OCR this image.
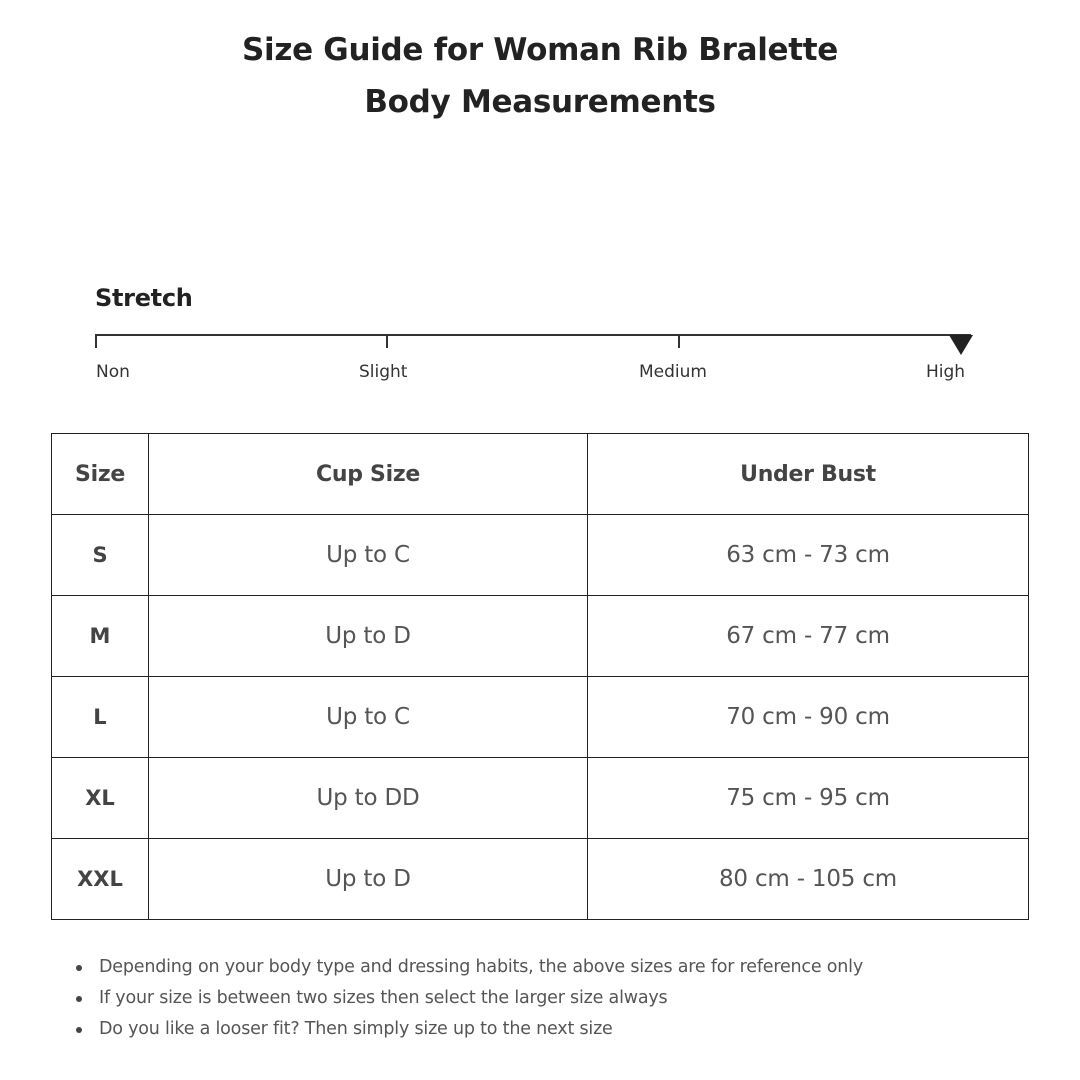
Size Guide for Woman Rib Bralette
Body Measurements
Stretch
Non	Slight	Medium	High
Size	Cup Size	Under Bust
S	Up to C	63 cm - 73 cm
M	Up to D	67 cm - 77 cm
L	Up to C	70 cm - 90 cm
XL	Up to DD	75 cm - 95 cm
XXL	Up to D	80 cm - 105 cm
Depending on your body type and dressing habits, the above sizes are for reference only
If your size is between two sizes then select the larger size always
Do you like a looser fit? Then simply size up to the next size
